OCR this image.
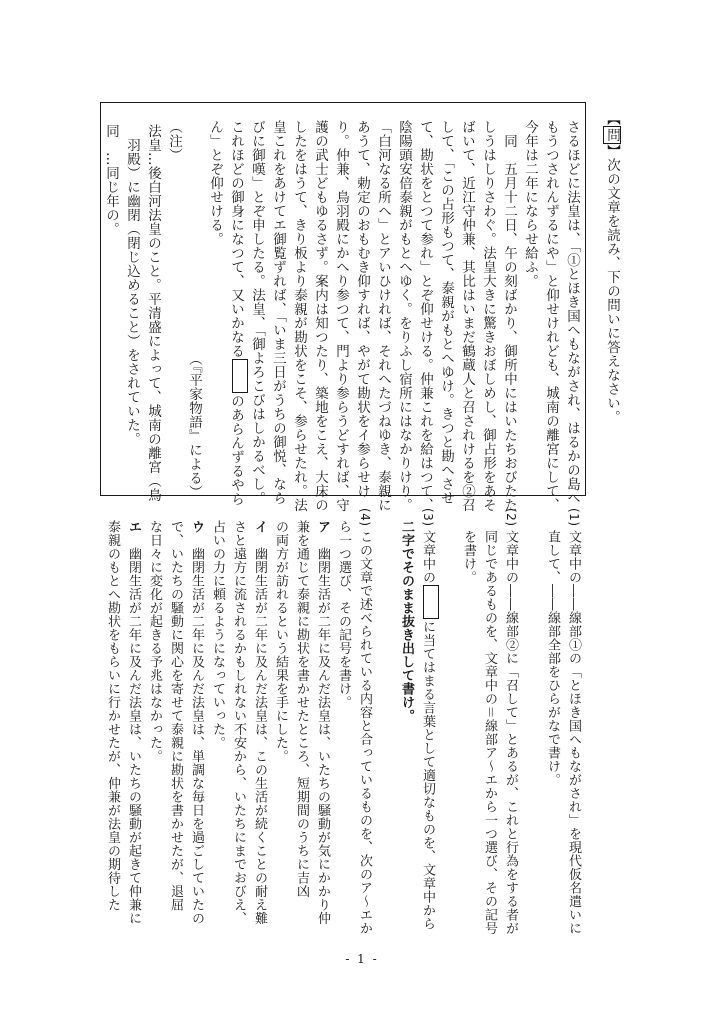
【問】次の文章を読み、下の問いに答えなさい。
さるほどに法皇は、「①とほき国へもながされ、はるかの島へ
もうつされんずるにや」と仰せけれども、城南の離宮にして、
今年は二年にならせ給ふ。
　同　五月十二日、午の刻ばかり、御所中にはいたちおびたた
しうはしりさわぐ。法皇大きに驚きおぼしめし、御占形をあそ
ばいて、近江守仲兼、其比はいまだ鶴蔵人と召されけるを②召
して、「この占形もつて、泰親がもとへゆけ。きつと勘へさせ
て、勘状をとつて参れ」とぞ仰せける。仲兼これを給はつて、
陰陽頭安倍泰親がもとへゆく。をりふし宿所にはなかりけり。
「白河なる所へ」とアいひければ、それへたづねゆき、泰親に
あうて、勅定のおもむき仰すれば、やがて勘状をイ参らせけ
り。仲兼、鳥羽殿にかへり参つて、門より参らうどすれば、守
護の武士どもゆるさず。案内は知つたり、築地をこえ、大床の
したをはうて、きり板より泰親が勘状をこそ、参らせたれ。法
皇これをあけてエ御覧ずれば、「いま三日がうちの御悦、なら
びに御嘆」とぞ申したる。法皇、「御よろこびはしかるべし。
これほどの御身になつて、又いかなるのあらんずるやら
ん」とぞ仰せける。
（『平家物語』による）
（注）
法皇…後白河法皇のこと。平清盛によって、城南の離宮（鳥
　羽殿）に幽閉（閉じ込めること）をされていた。
同　…同じ年の。
(1)
文章中の――線部①の「とほき国へもながされ」を現代仮名遣いに
直して、――線部全部をひらがなで書け。
(2)
文章中の――線部②に「召して」とあるが、これと行為をする者が
同じであるものを、文章中の＝線部ア～エから一つ選び、その記号
を書け。
(3)
文章中のに当てはまる言葉として適切なものを、文章中から
二字でそのまま抜き出して書け。
(4)
この文章で述べられている内容と合っているものを、次のア～エか
ら一つ選び、その記号を書け。
ア　幽閉生活が二年に及んだ法皇は、いたちの騒動が気にかかり仲
兼を通じて泰親に勘状を書かせたところ、短期間のうちに吉凶
の両方が訪れるという結果を手にした。
イ　幽閉生活が二年に及んだ法皇は、この生活が続くことの耐え難
さと遠方に流されるかもしれない不安から、いたちにまでおびえ、
占いの力に頼るようになっていった。
ウ　幽閉生活が二年に及んだ法皇は、単調な毎日を過ごしていたの
で、いたちの騒動に関心を寄せて泰親に勘状を書かせたが、退屈
な日々に変化が起きる予兆はなかった。
エ　幽閉生活が二年に及んだ法皇は、いたちの騒動が起きて仲兼に
泰親のもとへ勘状をもらいに行かせたが、仲兼が法皇の期待した
- 1 -
